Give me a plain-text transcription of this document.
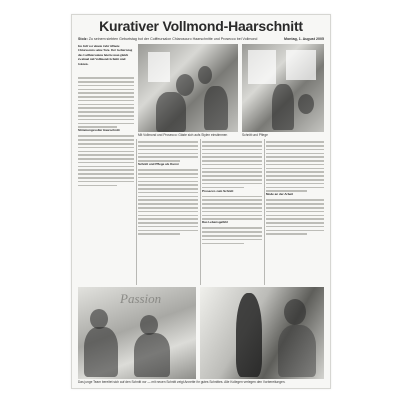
Kurativer Vollmond-Haarschnitt
Stolz: Zu seinem siebten Geburtstag bot der Coiffeursalon Chiaroscuro Haarschnitte und Prosecco bei Vollmond	Montag, 1. August 2005
Im Juli vor einem Jahr öffnete Chiaroscuro seine Tore. Der Geburtstag des Coiffeursalons feierte man gleich zweimal mit Vollmond-Schnitt und Gästen.
Mit Vollmond und Prosecco: Gäste sich aufs Stylen einstimmen	Schnitt und Pflege
Stimmungsvoller Haarschnitt
Schnitt und Pflege als Kunst
Prosecco zum Schnitt
Das Lebensgefühl
Mode an der Arbeit
Passion
Das junge Team bereitet sich auf den Schnitt vor — mit neuen Schnitt zeigt Annette ihr gutes Schnittes. Alle Kollegen verlegen den Vorbereitungen.
